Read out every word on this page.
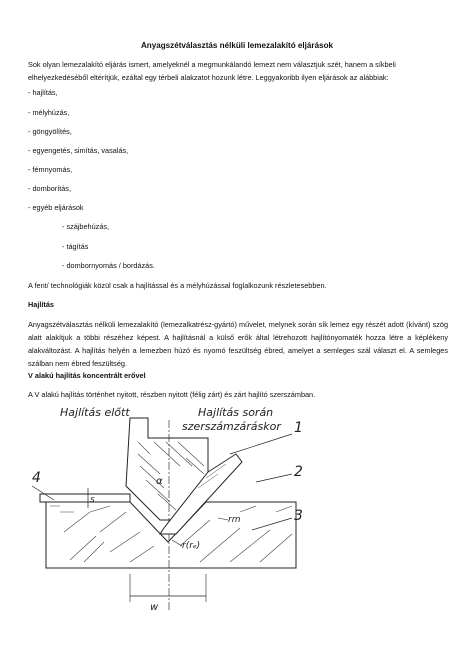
Anyagszétválasztás nélküli lemezalakító eljárások
Sok olyan lemezalakító eljárás ismert, amelyeknél a megmunkálandó lemezt nem választjuk szét, hanem a síkbeli elhelyezkedéséből eltérítjük, ezáltal egy térbeli alakzatot hozunk létre. Leggyakoribb ilyen eljárások az alábbiak:
- hajlítás,
- mélyhúzás,
- göngyölítés,
- egyengetés, simítás, vasalás,
- fémnyomás,
- domborítás,
- egyéb eljárások
- szájbehúzás,
- tágítás
- dombornyomás / bordázás.
A fent/ technológiák közül csak a hajlítással és a mélyhúzással foglalkozunk részletesebben.
Hajlítás
Anyagszétválasztás nélküli lemezalakító (lemezalkatrész-gyártó) művelet, melynek során sík lemez egy részét adott (kívánt) szög alatt alakítjuk a többi részéhez képest. A hajlításnál a külső erők által létrehozott hajlítónyomaték hozza létre a képlékeny alakváltozást. A hajlítás helyén a lemezben húzó és nyomó feszültség ébred, amelyet a semleges szál választ el. A semleges szálban nem ébred feszültség.
V alakú hajlítás koncentrált erővel
A V alakú hajlítás történhet nyitott, részben nyitott (félig zárt) és zárt hajlító szerszámban.
Hajlítás előtt	Hajlítás során
szerszámzáráskor 1
2
3
4
s
α
rm
r(rₑ)
w
